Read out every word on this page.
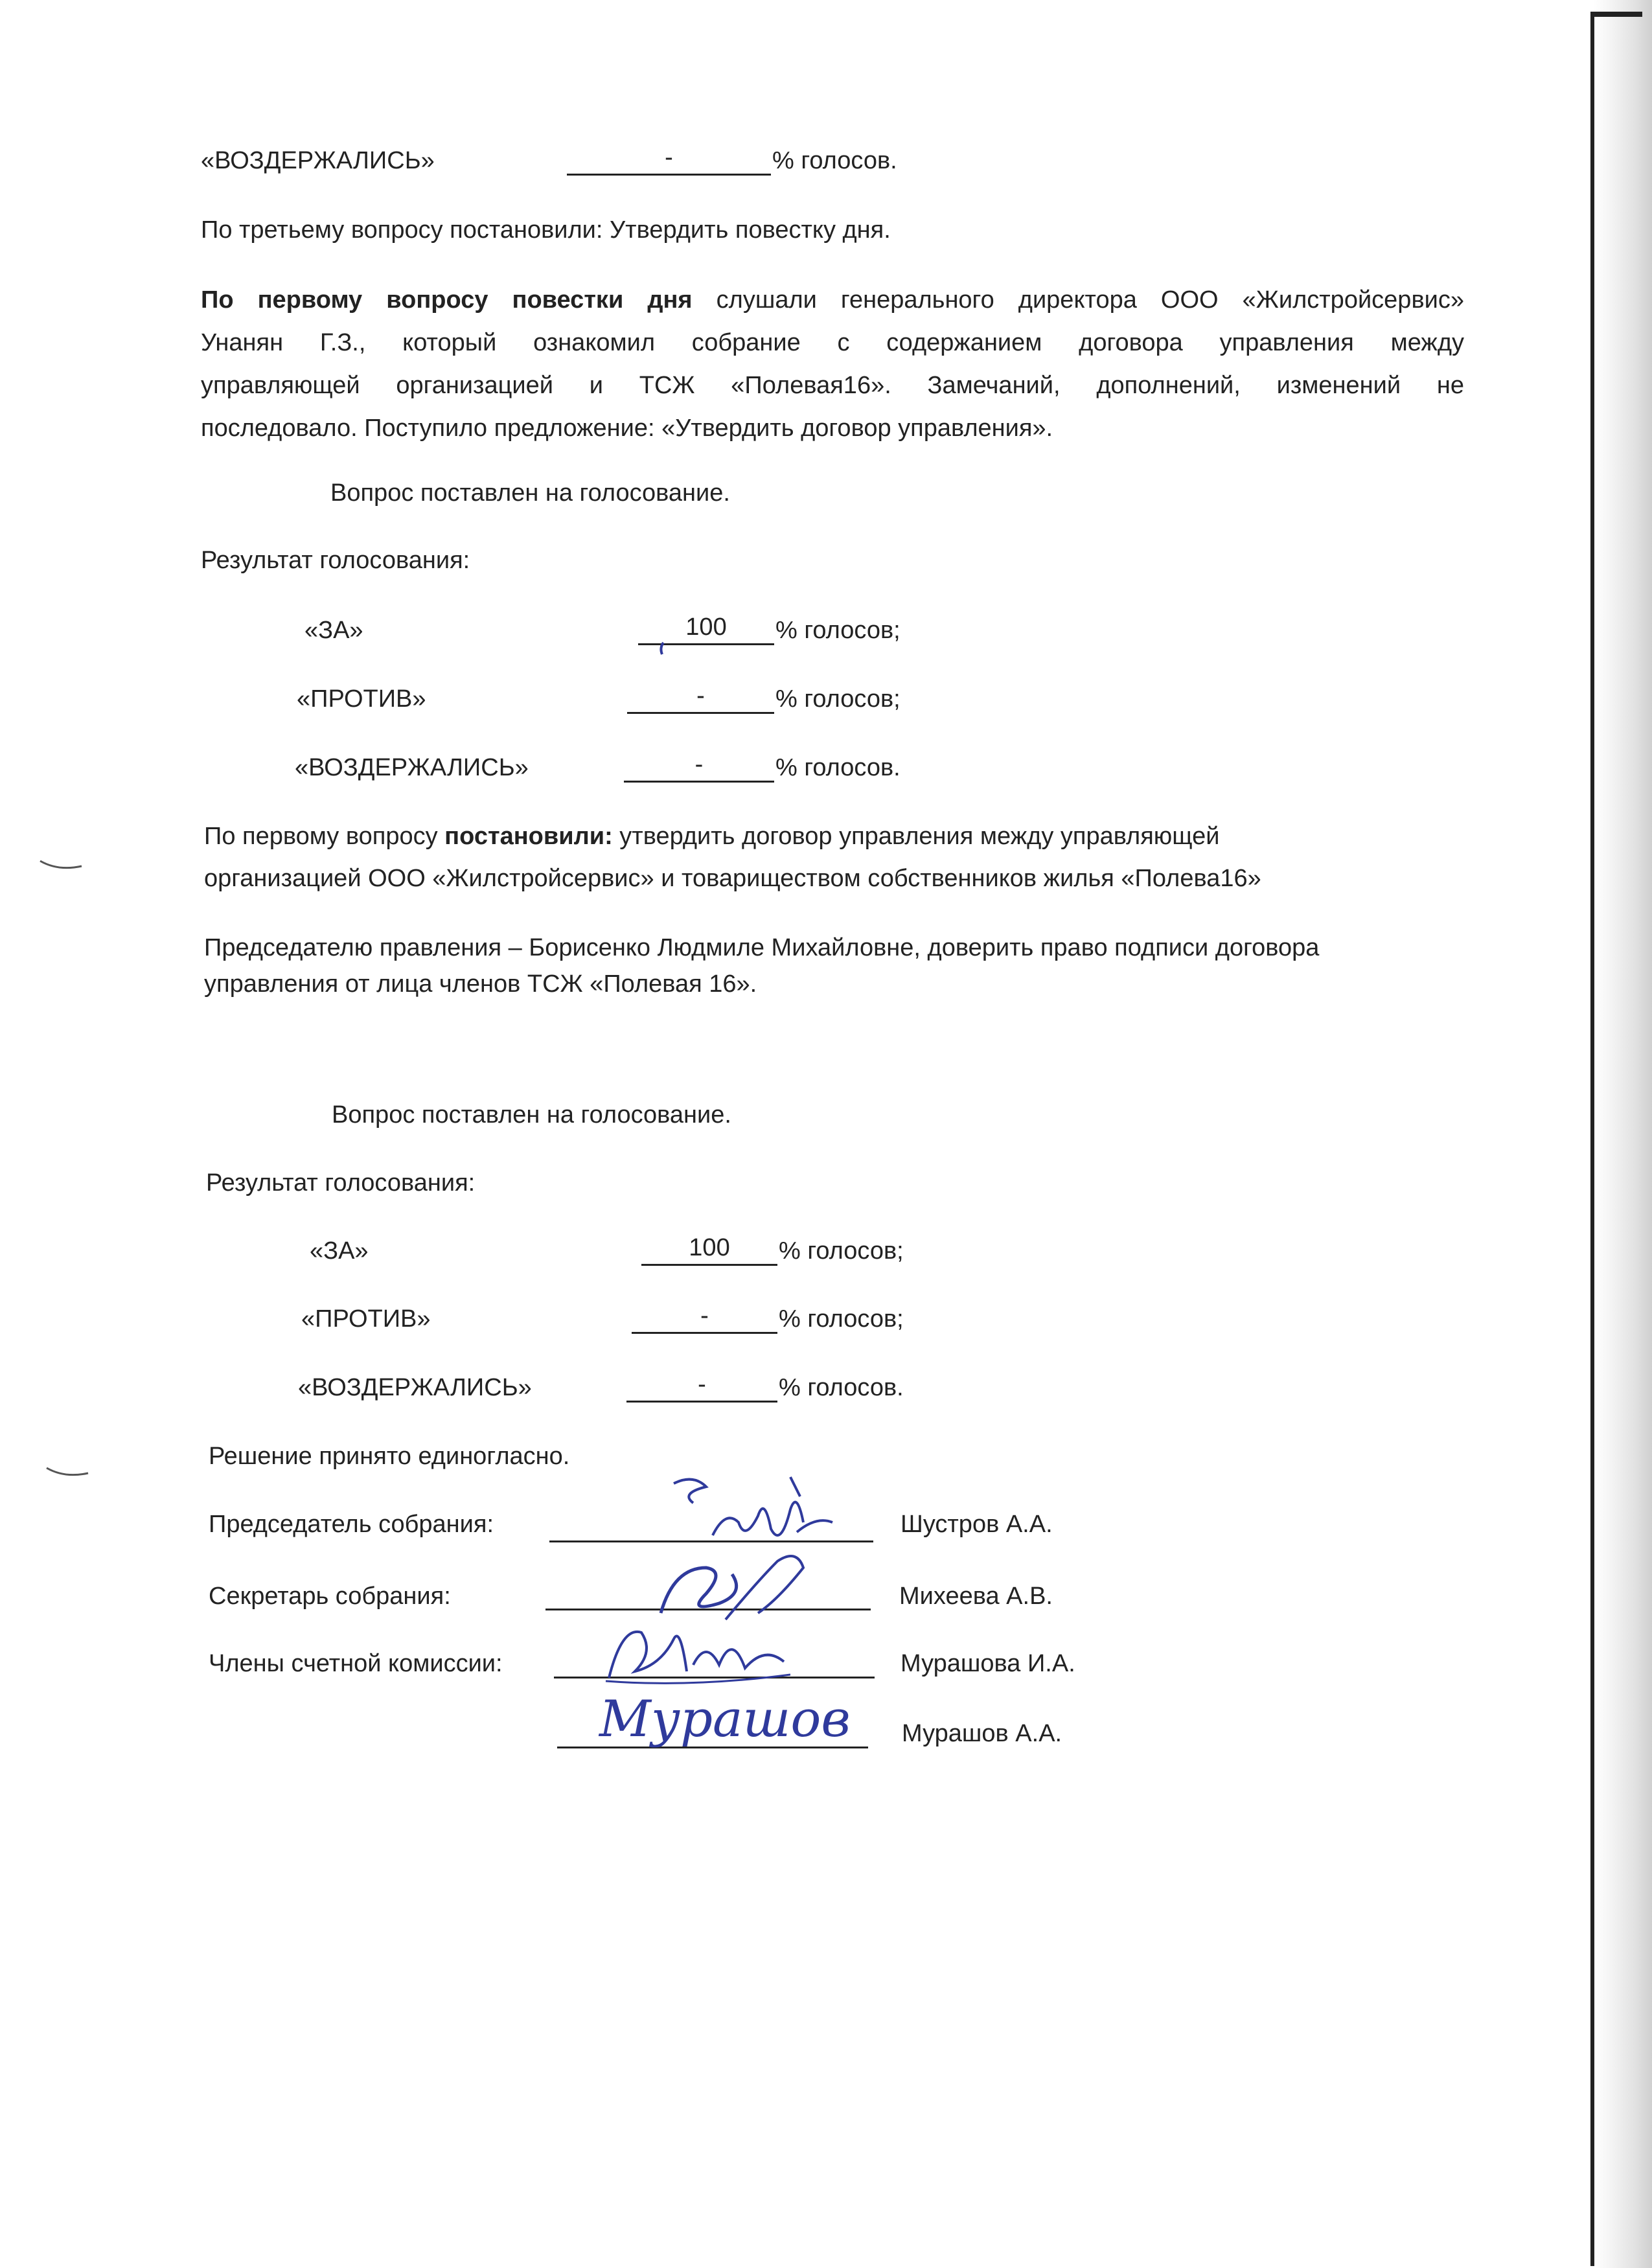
«ВОЗДЕРЖАЛИСЬ»	-	% голосов.
По третьему вопросу постановили: Утвердить повестку дня.
По первому вопросу повестки дня слушали генерального директора ООО «Жилстройсервис»
Унанян Г.З., который ознакомил собрание с содержанием договора управления между
управляющей организацией и ТСЖ «Полевая16». Замечаний, дополнений, изменений не
последовало. Поступило предложение: «Утвердить договор управления».
Вопрос поставлен на голосование.
Результат голосования:
«ЗА»	100	% голосов;
«ПРОТИВ»	-	% голосов;
«ВОЗДЕРЖАЛИСЬ»	-	% голосов.
По первому вопросу постановили: утвердить договор управления между управляющей
организацией ООО «Жилстройсервис» и товариществом собственников жилья «Полева16»
Председателю правления – Борисенко Людмиле Михайловне, доверить право подписи договора
управления от лица членов ТСЖ «Полевая 16».
Вопрос поставлен на голосование.
Результат голосования:
«ЗА»	100	% голосов;
«ПРОТИВ»	-	% голосов;
«ВОЗДЕРЖАЛИСЬ»	-	% голосов.
Решение принято единогласно.
Председатель собрания:	Шустров А.А.
Секретарь собрания:	Михеева А.В.
Члены счетной комиссии:	Мурашова И.А.
Мурашов А.А.
Мурашов
